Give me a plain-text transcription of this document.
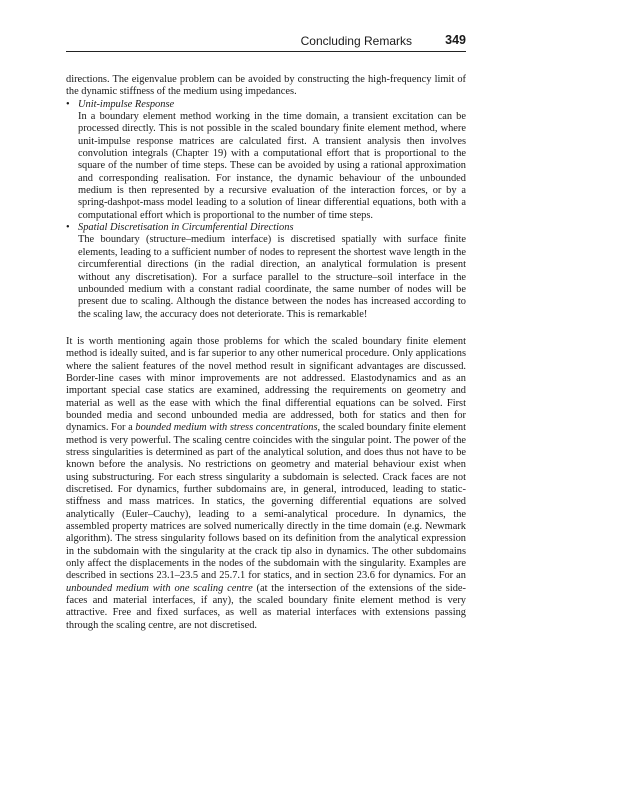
Concluding Remarks	349

directions. The eigenvalue problem can be avoided by constructing the high-frequency limit of the dynamic stiffness of the medium using impedances.

• Unit-impulse Response

In a boundary element method working in the time domain, a transient excitation can be processed directly. This is not possible in the scaled boundary finite element method, where unit-impulse response matrices are calculated first. A transient analysis then involves convolution integrals (Chapter 19) with a computational effort that is proportional to the square of the number of time steps. These can be avoided by using a rational approximation and corresponding realisation. For instance, the dynamic behaviour of the unbounded medium is then represented by a recursive evaluation of the interaction forces, or by a spring-dashpot-mass model leading to a solution of linear differential equations, both with a computational effort which is proportional to the number of time steps.

• Spatial Discretisation in Circumferential Directions

The boundary (structure–medium interface) is discretised spatially with surface finite elements, leading to a sufficient number of nodes to represent the shortest wave length in the circumferential directions (in the radial direction, an analytical formulation is present without any discretisation). For a surface parallel to the structure–soil interface in the unbounded medium with a constant radial coordinate, the same number of nodes will be present due to scaling. Although the distance between the nodes has increased according to the scaling law, the accuracy does not deteriorate. This is remarkable!

It is worth mentioning again those problems for which the scaled boundary finite element method is ideally suited, and is far superior to any other numerical procedure. Only applications where the salient features of the novel method result in significant advantages are discussed. Border-line cases with minor improvements are not addressed. Elastodynamics and as an important special case statics are examined, addressing the requirements on geometry and material as well as the ease with which the final differential equations can be solved. First bounded media and second unbounded media are addressed, both for statics and then for dynamics. For a bounded medium with stress concentrations, the scaled boundary finite element method is very powerful. The scaling centre coincides with the singular point. The power of the stress singularities is determined as part of the analytical solution, and does thus not have to be known before the analysis. No restrictions on geometry and material behaviour exist when using substructuring. For each stress singularity a subdomain is selected. Crack faces are not discretised. For dynamics, further subdomains are, in general, introduced, leading to static-stiffness and mass matrices. In statics, the governing differential equations are solved analytically (Euler–Cauchy), leading to a semi-analytical procedure. In dynamics, the assembled property matrices are solved numerically directly in the time domain (e.g. Newmark algorithm). The stress singularity follows based on its definition from the analytical expression in the subdomain with the singularity at the crack tip also in dynamics. The other subdomains only affect the displacements in the nodes of the subdomain with the singularity. Examples are described in sections 23.1–23.5 and 25.7.1 for statics, and in section 23.6 for dynamics. For an unbounded medium with one scaling centre (at the intersection of the extensions of the side-faces and material interfaces, if any), the scaled boundary finite element method is very attractive. Free and fixed surfaces, as well as material interfaces with extensions passing through the scaling centre, are not discretised.
